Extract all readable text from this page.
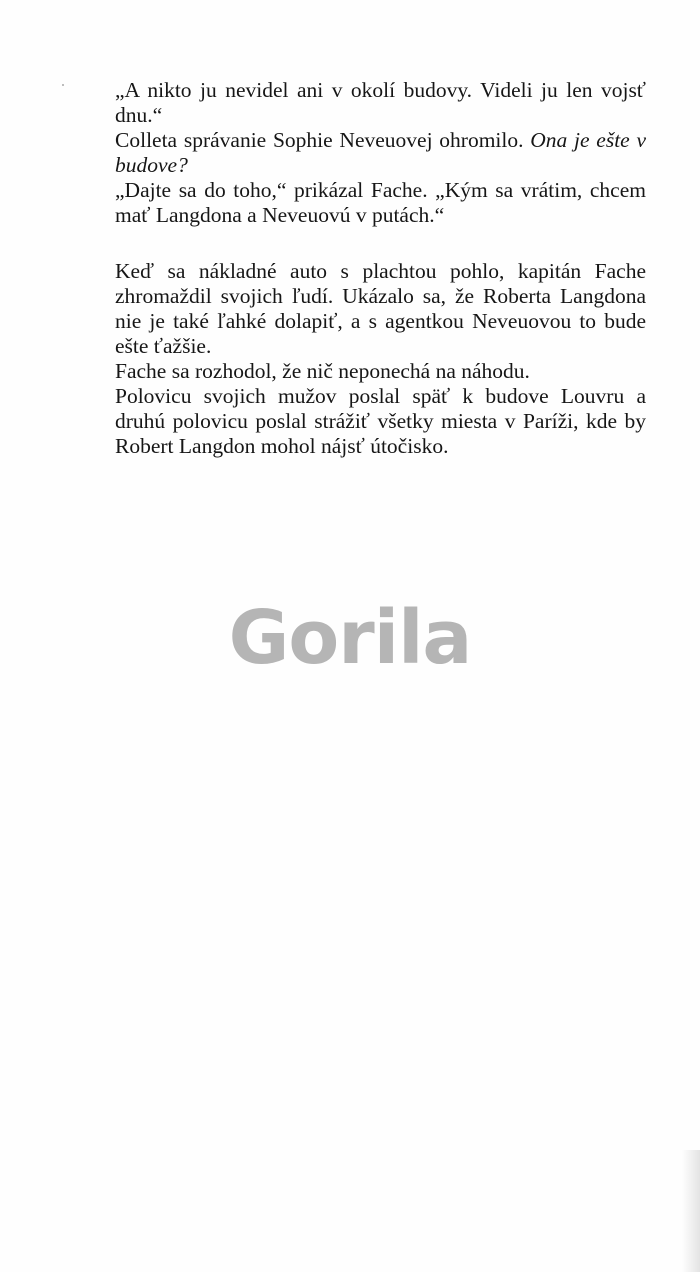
„A nikto ju nevidel ani v okolí budovy. Videli ju len vojsť dnu.“

Colleta správanie Sophie Neveuovej ohromilo. Ona je ešte v budove?

„Dajte sa do toho,“ prikázal Fache. „Kým sa vrátim, chcem mať Langdona a Neveuovú v putách.“

Keď sa nákladné auto s plachtou pohlo, kapitán Fache zhromaždil svojich ľudí. Ukázalo sa, že Roberta Langdona nie je také ľahké dolapiť, a s agentkou Neveuovou to bude ešte ťažšie.

Fache sa rozhodol, že nič neponechá na náhodu.

Polovicu svojich mužov poslal späť k budove Louvru a druhú polovicu poslal strážiť všetky miesta v Paríži, kde by Robert Langdon mohol nájsť útočisko.

Gorila
